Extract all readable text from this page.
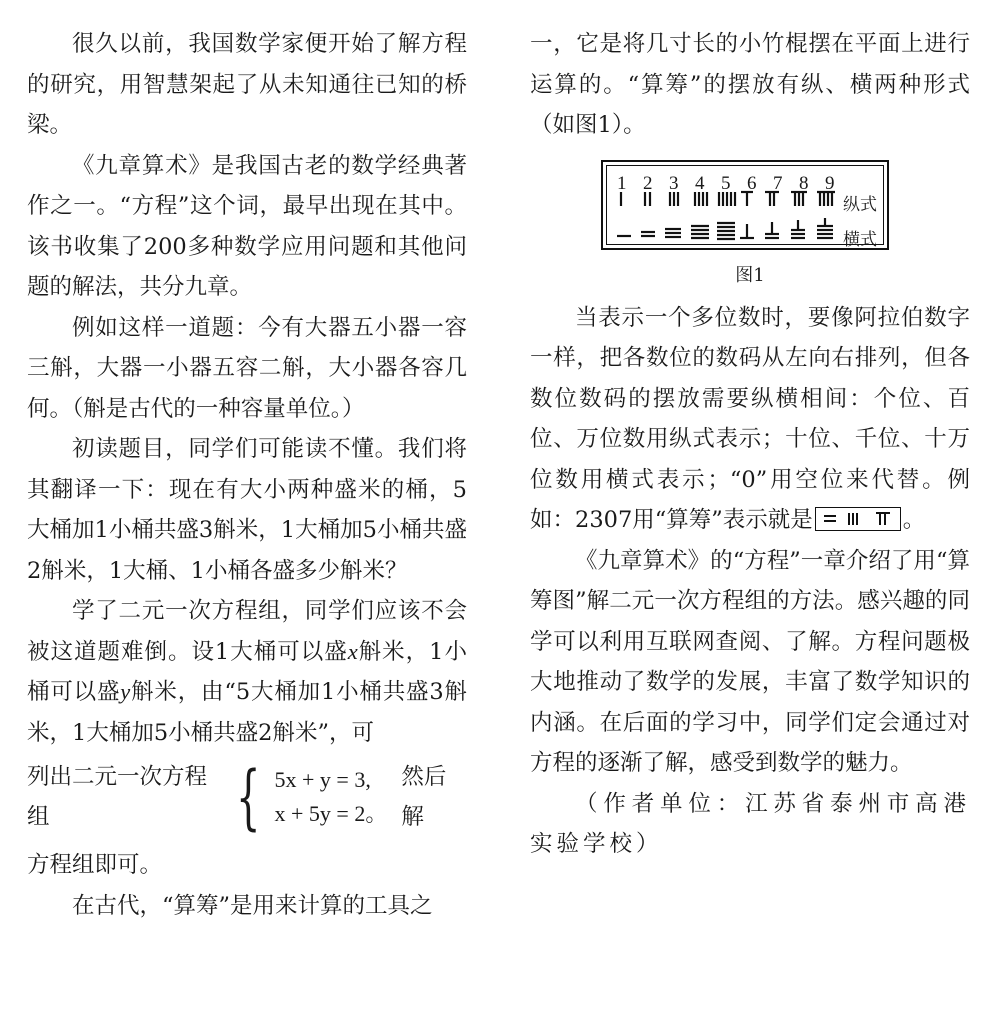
很久以前，我国数学家便开始了解方程的研究，用智慧架起了从未知通往已知的桥梁。

《九章算术》是我国古老的数学经典著作之一。“方程”这个词，最早出现在其中。该书收集了200多种数学应用问题和其他问题的解法，共分九章。

例如这样一道题：今有大器五小器一容三斛，大器一小器五容二斛，大小器各容几何。（斛是古代的一种容量单位。）

初读题目，同学们可能读不懂。我们将其翻译一下：现在有大小两种盛米的桶，5大桶加1小桶共盛3斛米，1大桶加5小桶共盛2斛米，1大桶、1小桶各盛多少斛米？

学了二元一次方程组，同学们应该不会被这道题难倒。设1大桶可以盛x斛米，1小桶可以盛y斛米，由“5大桶加1小桶共盛3斛米，1大桶加5小桶共盛2斛米”，可

列出二元一次方程组	{ 5x + y = 3,
x + 5y = 2。
然后解

方程组即可。

在古代，“算筹”是用来计算的工具之

一，它是将几寸长的小竹棍摆在平面上进行运算的。“算筹”的摆放有纵、横两种形式（如图1）。

1 2 3 4 5 6 7 8 9
纵式
横式
图1

当表示一个多位数时，要像阿拉伯数字一样，把各数位的数码从左向右排列，但各数位数码的摆放需要纵横相间：个位、百位、万位数用纵式表示；十位、千位、十万位数用横式表示；“0”用空位来代替。例如：2307用“算筹”表示就是	。

《九章算术》的“方程”一章介绍了用“算筹图”解二元一次方程组的方法。感兴趣的同学可以利用互联网查阅、了解。方程问题极大地推动了数学的发展，丰富了数学知识的内涵。在后面的学习中，同学们定会通过对方程的逐渐了解，感受到数学的魅力。

（作者单位：江苏省泰州市高港实验学校）
